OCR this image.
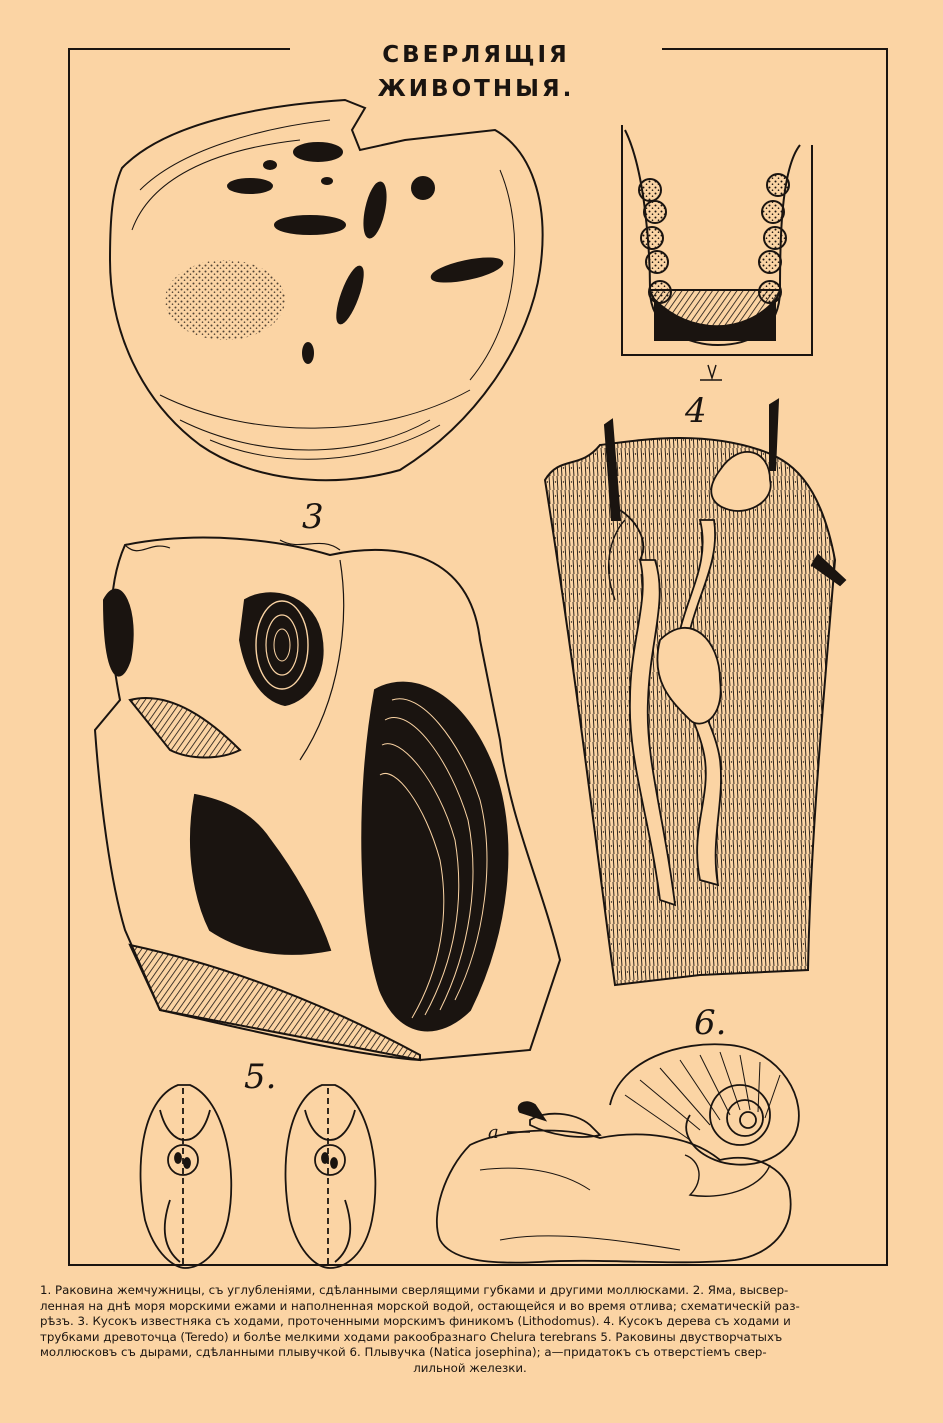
СВЕРЛЯЩІЯ ЖИВОТНЫЯ.
3
4
5.
6.
a
1. Раковина жемчужницы, съ углубленіями, сдѣланными сверлящими губками и другими моллюсками. 2. Яма, высвер-
ленная на днѣ моря морскими ежами и наполненная морской водой, остающейся и во время отлива; схематическій раз-
рѣзъ. 3. Кусокъ известняка съ ходами, проточенными морскимъ финикомъ (Lithodomus). 4. Кусокъ дерева съ ходами и
трубками древоточца (Teredo) и болѣе мелкими ходами ракообразнаго Chelura terebrans 5. Раковины двустворчатыхъ
моллюсковъ съ дырами, сдѣланными плывучкой 6. Плывучка (Natica josephina); а—придатокъ съ отверстіемъ свер-
лильной железки.
